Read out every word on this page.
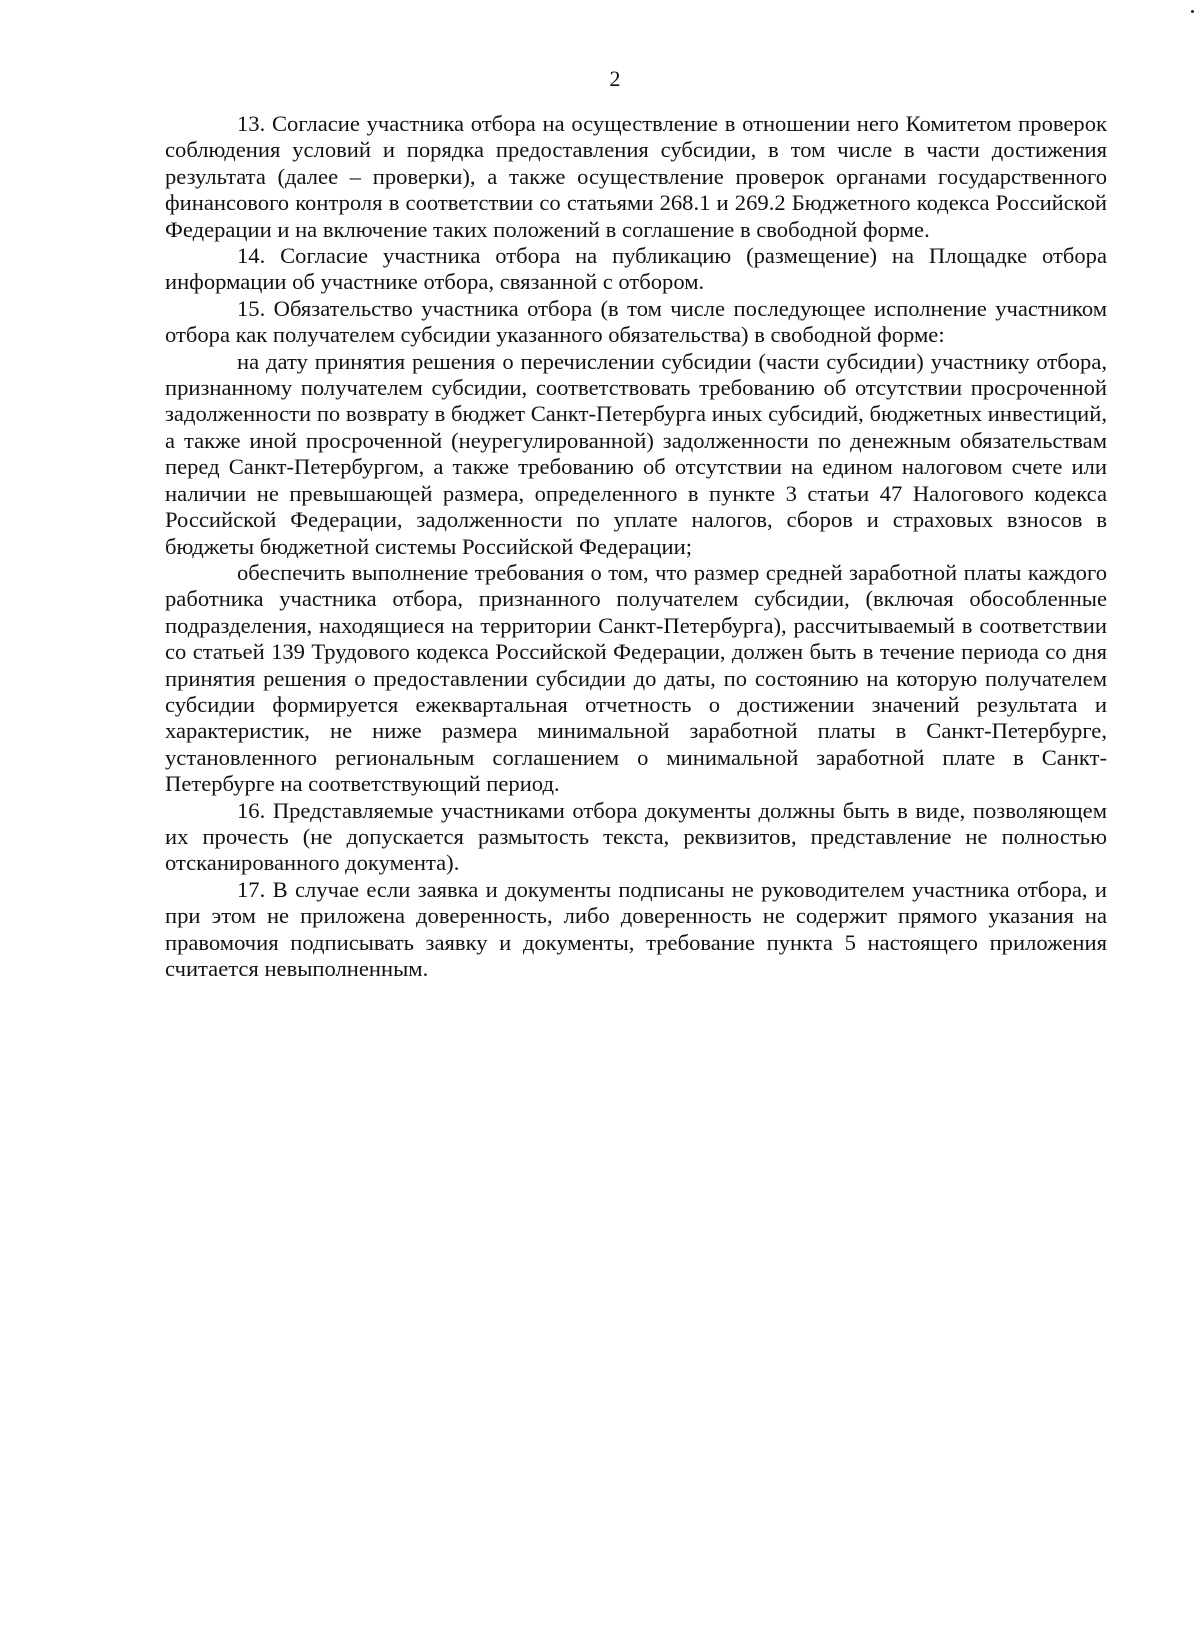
2

13. Согласие участника отбора на осуществление в отношении него Комитетом проверок соблюдения условий и порядка предоставления субсидии, в том числе в части достижения результата (далее – проверки), а также осуществление проверок органами государственного финансового контроля в соответствии со статьями 268.1 и 269.2 Бюджетного кодекса Российской Федерации и на включение таких положений в соглашение в свободной форме.

14. Согласие участника отбора на публикацию (размещение) на Площадке отбора информации об участнике отбора, связанной с отбором.

15. Обязательство участника отбора (в том числе последующее исполнение участником отбора как получателем субсидии указанного обязательства) в свободной форме:

на дату принятия решения о перечислении субсидии (части субсидии) участнику отбора, признанному получателем субсидии, соответствовать требованию об отсутствии просроченной задолженности по возврату в бюджет Санкт-Петербурга иных субсидий, бюджетных инвестиций, а также иной просроченной (неурегулированной) задолженности по денежным обязательствам перед Санкт-Петербургом, а также требованию об отсутствии на едином налоговом счете или наличии не превышающей размера, определенного в пункте 3 статьи 47 Налогового кодекса Российской Федерации, задолженности по уплате налогов, сборов и страховых взносов в бюджеты бюджетной системы Российской Федерации;

обеспечить выполнение требования о том, что размер средней заработной платы каждого работника участника отбора, признанного получателем субсидии, (включая обособленные подразделения, находящиеся на территории Санкт-Петербурга), рассчитываемый в соответствии со статьей 139 Трудового кодекса Российской Федерации, должен быть в течение периода со дня принятия решения о предоставлении субсидии до даты, по состоянию на которую получателем субсидии формируется ежеквартальная отчетность о достижении значений результата и характеристик, не ниже размера минимальной заработной платы в Санкт-Петербурге, установленного региональным соглашением о минимальной заработной плате в Санкт-Петербурге на соответствующий период.

16. Представляемые участниками отбора документы должны быть в виде, позволяющем их прочесть (не допускается размытость текста, реквизитов, представление не полностью отсканированного документа).

17. В случае если заявка и документы подписаны не руководителем участника отбора, и при этом не приложена доверенность, либо доверенность не содержит прямого указания на правомочия подписывать заявку и документы, требование пункта 5 настоящего приложения считается невыполненным.
